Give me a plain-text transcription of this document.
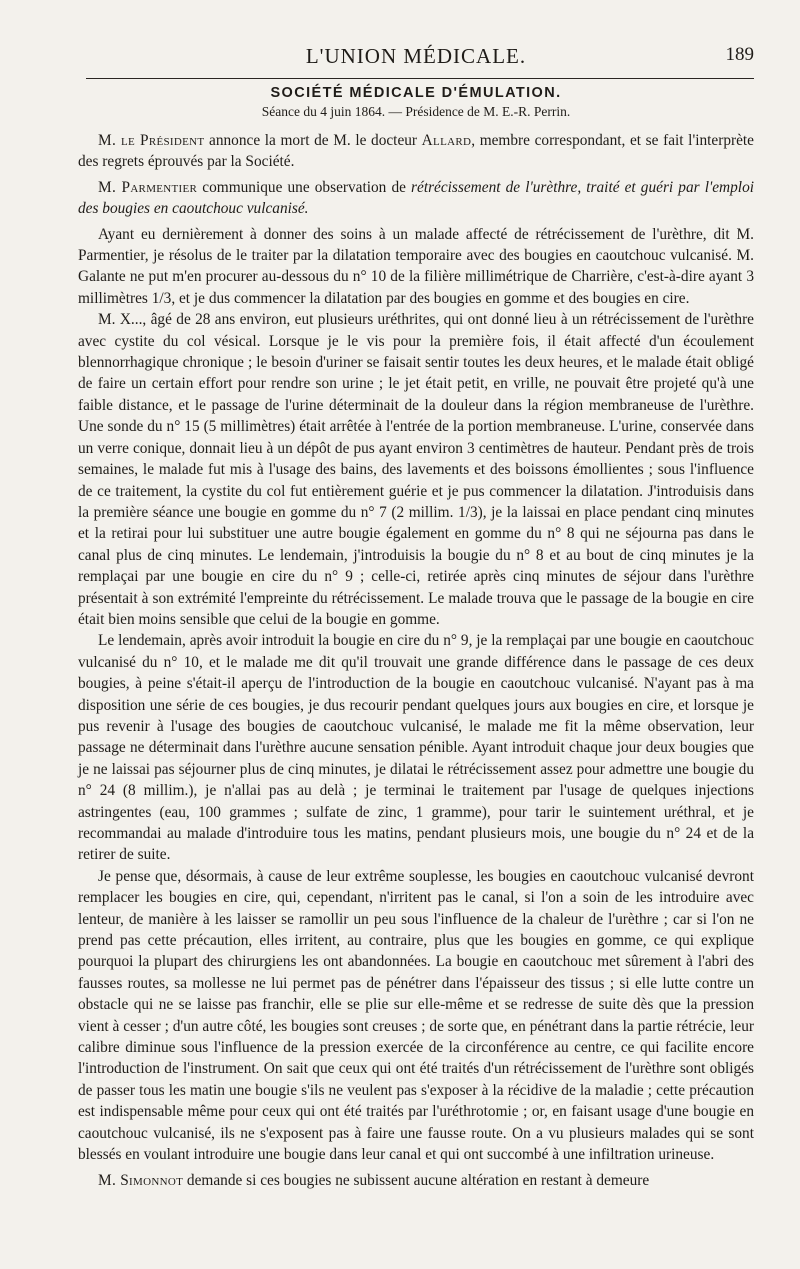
L'UNION MÉDICALE.	189
SOCIÉTÉ MÉDICALE D'ÉMULATION.
Séance du 4 juin 1864. — Présidence de M. E.-R. Perrin.

M. le Président annonce la mort de M. le docteur Allard, membre correspondant, et se fait l'interprète des regrets éprouvés par la Société.

M. Parmentier communique une observation de rétrécissement de l'urèthre, traité et guéri par l'emploi des bougies en caoutchouc vulcanisé.

Ayant eu dernièrement à donner des soins à un malade affecté de rétrécissement de l'urèthre, dit M. Parmentier, je résolus de le traiter par la dilatation temporaire avec des bougies en caoutchouc vulcanisé. M. Galante ne put m'en procurer au-dessous du n° 10 de la filière millimétrique de Charrière, c'est-à-dire ayant 3 millimètres 1/3, et je dus commencer la dilatation par des bougies en gomme et des bougies en cire.

M. X..., âgé de 28 ans environ, eut plusieurs uréthrites, qui ont donné lieu à un rétrécissement de l'urèthre avec cystite du col vésical. Lorsque je le vis pour la première fois, il était affecté d'un écoulement blennorrhagique chronique ; le besoin d'uriner se faisait sentir toutes les deux heures, et le malade était obligé de faire un certain effort pour rendre son urine ; le jet était petit, en vrille, ne pouvait être projeté qu'à une faible distance, et le passage de l'urine déterminait de la douleur dans la région membraneuse de l'urèthre. Une sonde du n° 15 (5 millimètres) était arrêtée à l'entrée de la portion membraneuse. L'urine, conservée dans un verre conique, donnait lieu à un dépôt de pus ayant environ 3 centimètres de hauteur. Pendant près de trois semaines, le malade fut mis à l'usage des bains, des lavements et des boissons émollientes ; sous l'influence de ce traitement, la cystite du col fut entièrement guérie et je pus commencer la dilatation. J'introduisis dans la première séance une bougie en gomme du n° 7 (2 millim. 1/3), je la laissai en place pendant cinq minutes et la retirai pour lui substituer une autre bougie également en gomme du n° 8 qui ne séjourna pas dans le canal plus de cinq minutes. Le lendemain, j'introduisis la bougie du n° 8 et au bout de cinq minutes je la remplaçai par une bougie en cire du n° 9 ; celle-ci, retirée après cinq minutes de séjour dans l'urèthre présentait à son extrémité l'empreinte du rétrécissement. Le malade trouva que le passage de la bougie en cire était bien moins sensible que celui de la bougie en gomme.

Le lendemain, après avoir introduit la bougie en cire du n° 9, je la remplaçai par une bougie en caoutchouc vulcanisé du n° 10, et le malade me dit qu'il trouvait une grande différence dans le passage de ces deux bougies, à peine s'était-il aperçu de l'introduction de la bougie en caoutchouc vulcanisé. N'ayant pas à ma disposition une série de ces bougies, je dus recourir pendant quelques jours aux bougies en cire, et lorsque je pus revenir à l'usage des bougies de caoutchouc vulcanisé, le malade me fit la même observation, leur passage ne déterminait dans l'urèthre aucune sensation pénible. Ayant introduit chaque jour deux bougies que je ne laissai pas séjourner plus de cinq minutes, je dilatai le rétrécissement assez pour admettre une bougie du n° 24 (8 millim.), je n'allai pas au delà ; je terminai le traitement par l'usage de quelques injections astringentes (eau, 100 grammes ; sulfate de zinc, 1 gramme), pour tarir le suintement uréthral, et je recommandai au malade d'introduire tous les matins, pendant plusieurs mois, une bougie du n° 24 et de la retirer de suite.

Je pense que, désormais, à cause de leur extrême souplesse, les bougies en caoutchouc vulcanisé devront remplacer les bougies en cire, qui, cependant, n'irritent pas le canal, si l'on a soin de les introduire avec lenteur, de manière à les laisser se ramollir un peu sous l'influence de la chaleur de l'urèthre ; car si l'on ne prend pas cette précaution, elles irritent, au contraire, plus que les bougies en gomme, ce qui explique pourquoi la plupart des chirurgiens les ont abandonnées. La bougie en caoutchouc met sûrement à l'abri des fausses routes, sa mollesse ne lui permet pas de pénétrer dans l'épaisseur des tissus ; si elle lutte contre un obstacle qui ne se laisse pas franchir, elle se plie sur elle-même et se redresse de suite dès que la pression vient à cesser ; d'un autre côté, les bougies sont creuses ; de sorte que, en pénétrant dans la partie rétrécie, leur calibre diminue sous l'influence de la pression exercée de la circonférence au centre, ce qui facilite encore l'introduction de l'instrument. On sait que ceux qui ont été traités d'un rétrécissement de l'urèthre sont obligés de passer tous les matin une bougie s'ils ne veulent pas s'exposer à la récidive de la maladie ; cette précaution est indispensable même pour ceux qui ont été traités par l'uréthrotomie ; or, en faisant usage d'une bougie en caoutchouc vulcanisé, ils ne s'exposent pas à faire une fausse route. On a vu plusieurs malades qui se sont blessés en voulant introduire une bougie dans leur canal et qui ont succombé à une infiltration urineuse.

M. Simonnot demande si ces bougies ne subissent aucune altération en restant à demeure
